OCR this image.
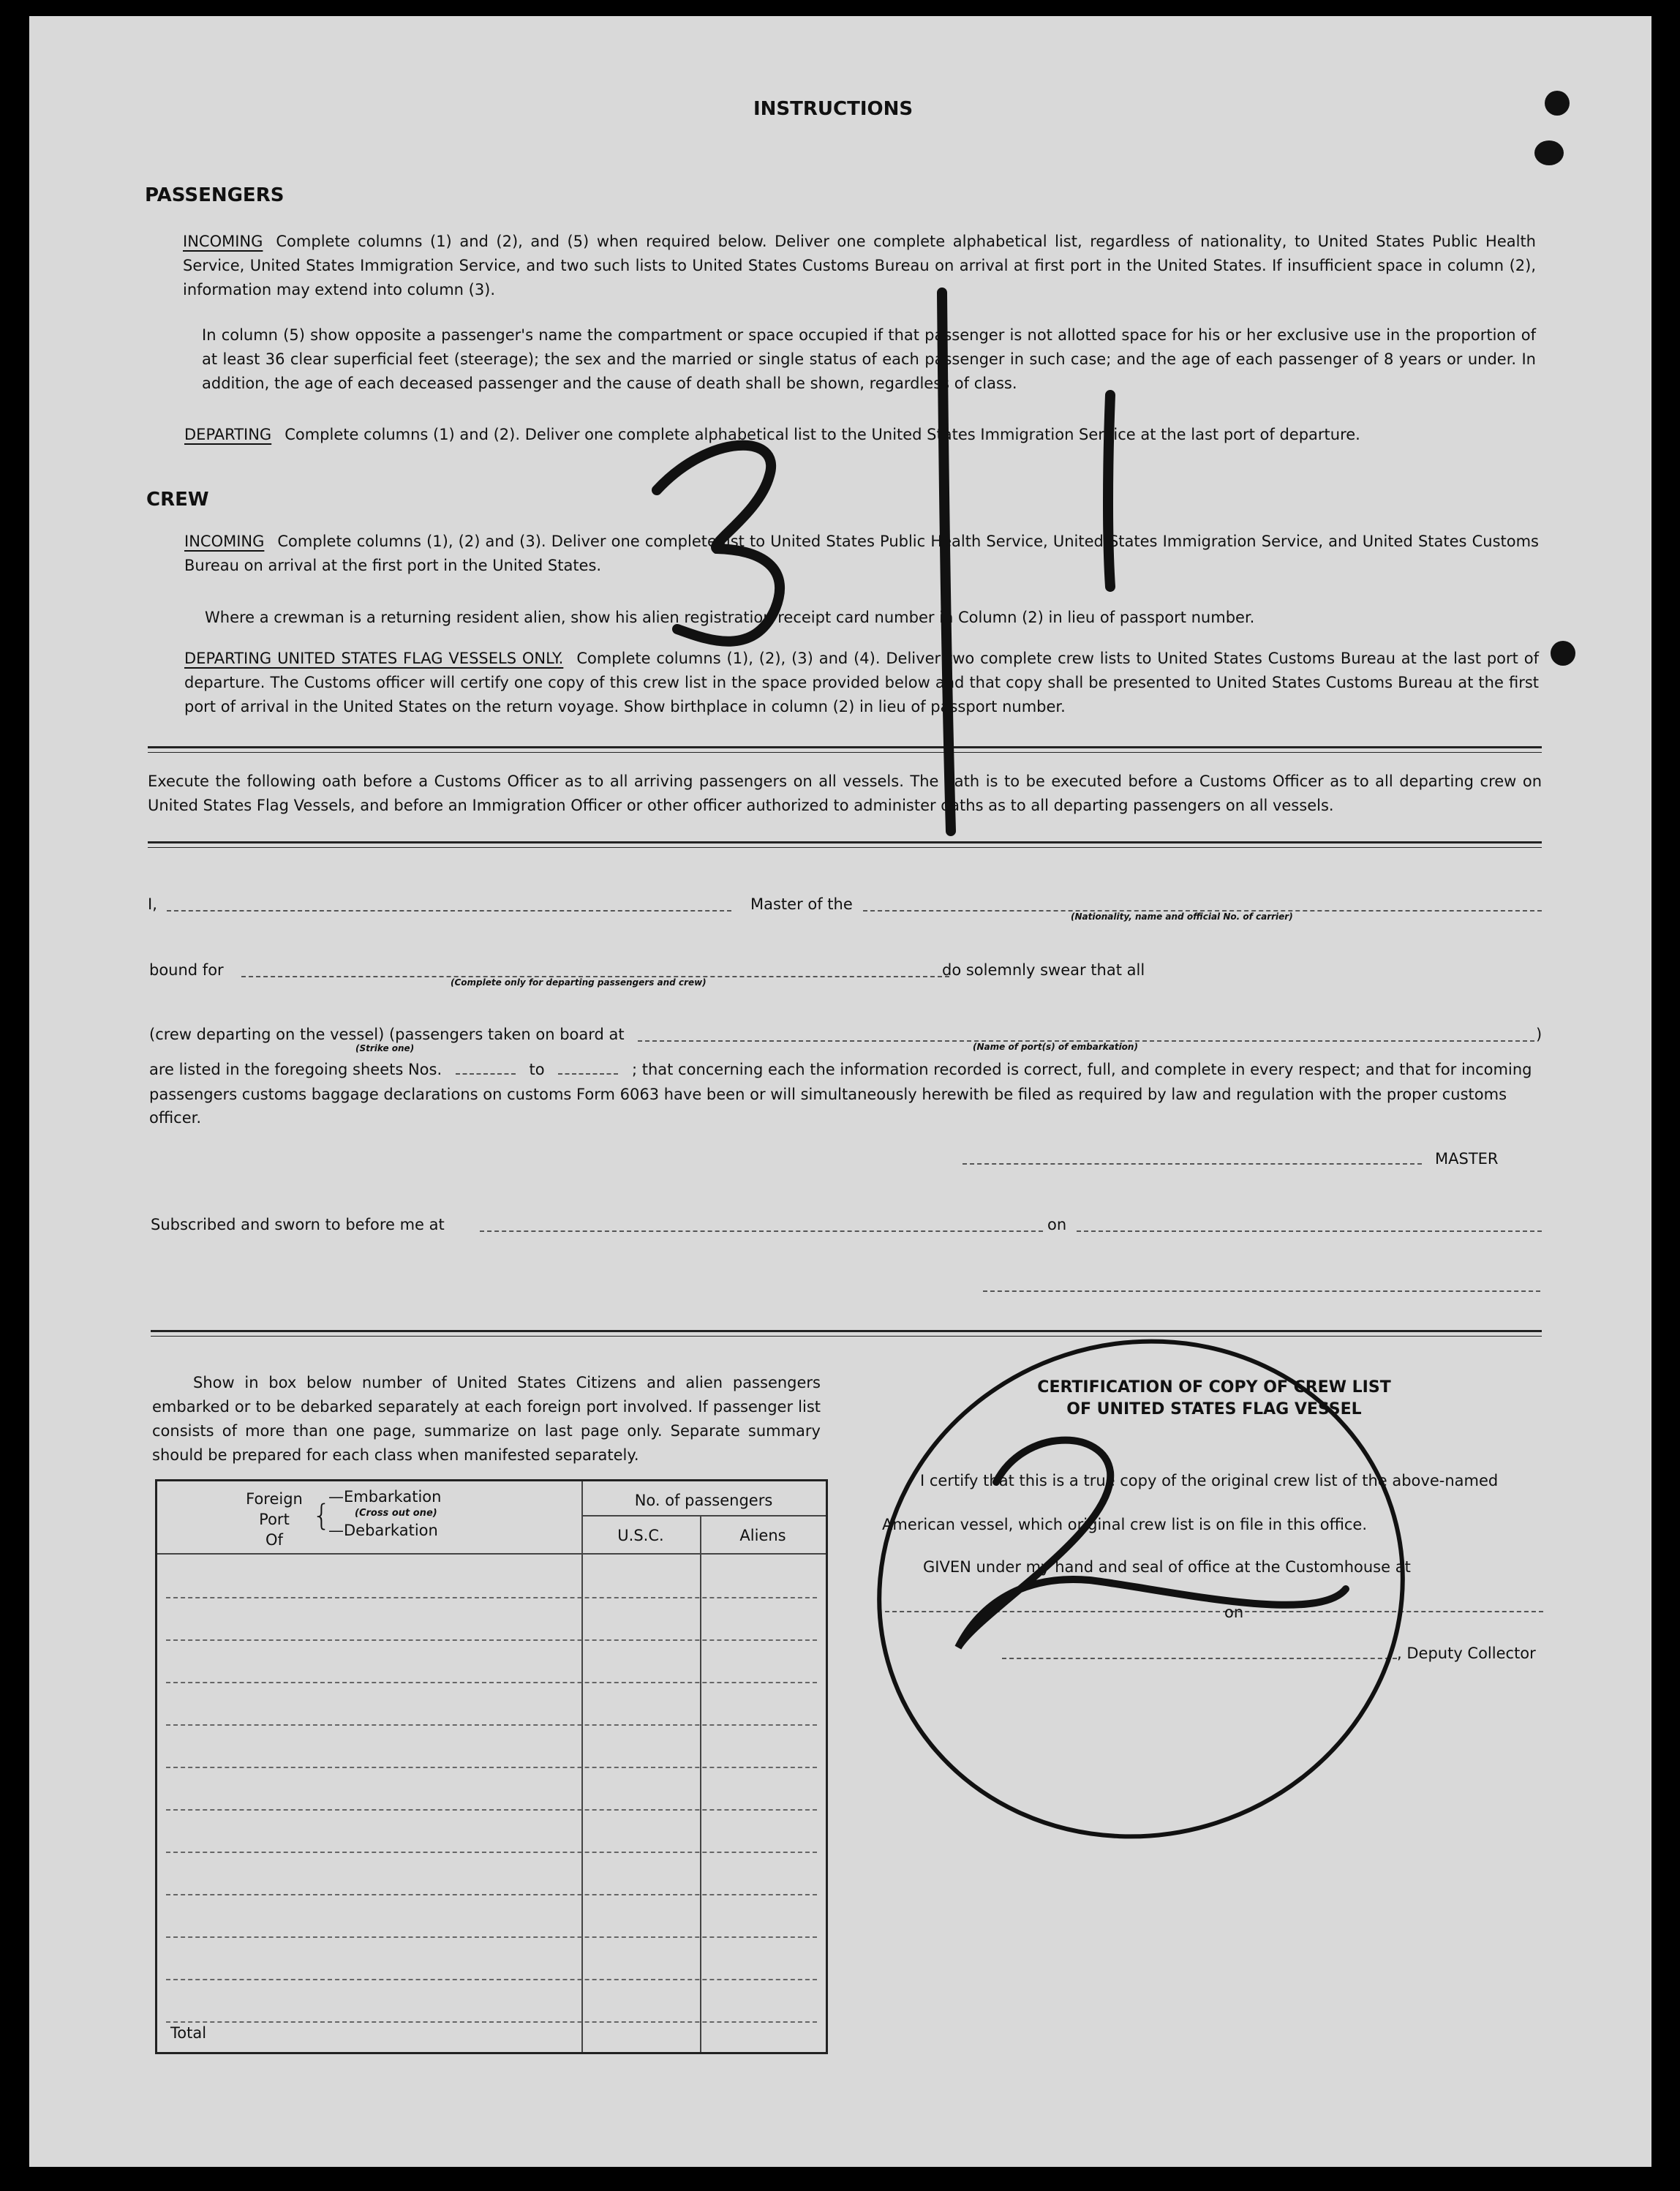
INSTRUCTIONS
PASSENGERS
INCOMING Complete columns (1) and (2), and (5) when required below. Deliver one complete alphabetical list, regardless of nationality, to United States Public Health Service, United States Immigration Service, and two such lists to United States Customs Bureau on arrival at first port in the United States. If insufficient space in column (2), information may extend into column (3).
In column (5) show opposite a passenger's name the compartment or space occupied if that passenger is not allotted space for his or her exclusive use in the proportion of at least 36 clear superficial feet (steerage); the sex and the married or single status of each passenger in such case; and the age of each passenger of 8 years or under. In addition, the age of each deceased passenger and the cause of death shall be shown, regardless of class.
DEPARTING Complete columns (1) and (2). Deliver one complete alphabetical list to the United States Immigration Service at the last port of departure.
CREW
INCOMING Complete columns (1), (2) and (3). Deliver one complete list to United States Public Health Service, United States Immigration Service, and United States Customs Bureau on arrival at the first port in the United States.
Where a crewman is a returning resident alien, show his alien registration receipt card number in Column (2) in lieu of passport number.
DEPARTING UNITED STATES FLAG VESSELS ONLY. Complete columns (1), (2), (3) and (4). Deliver two complete crew lists to United States Customs Bureau at the last port of departure. The Customs officer will certify one copy of this crew list in the space provided below and that copy shall be presented to United States Customs Bureau at the first port of arrival in the United States on the return voyage. Show birthplace in column (2) in lieu of passport number.
Execute the following oath before a Customs Officer as to all arriving passengers on all vessels. The oath is to be executed before a Customs Officer as to all departing crew on United States Flag Vessels, and before an Immigration Officer or other officer authorized to administer oaths as to all departing passengers on all vessels.
I,	Master of the
(Nationality, name and official No. of carrier)
bound for
(Complete only for departing passengers and crew)
do solemnly swear that all
(crew departing on the vessel) (passengers taken on board at
(Strike one)	(Name of port(s) of embarkation)
)
are listed in the foregoing sheets Nos.	to	; that concerning each the information recorded is correct, full, and complete in every respect; and that for incoming
passengers customs baggage declarations on customs Form 6063 have been or will simultaneously herewith be filed as required by law and regulation with the proper customs
officer.
MASTER
Subscribed and sworn to before me at	on
Show in box below number of United States Citizens and alien passengers embarked or to be debarked separately at each foreign port involved. If passenger list consists of more than one page, summarize on last page only. Separate summary should be prepared for each class when manifested separately.
Foreign
Port
Of
{
—Embarkation
(Cross out one)
—Debarkation
No. of passengers
U.S.C.	Aliens
Total
CERTIFICATION OF COPY OF CREW LIST
OF UNITED STATES FLAG VESSEL
I certify that this is a true copy of the original crew list of the above-named
American vessel, which original crew list is on file in this office.
GIVEN under my hand and seal of office at the Customhouse at
on
, Deputy Collector
